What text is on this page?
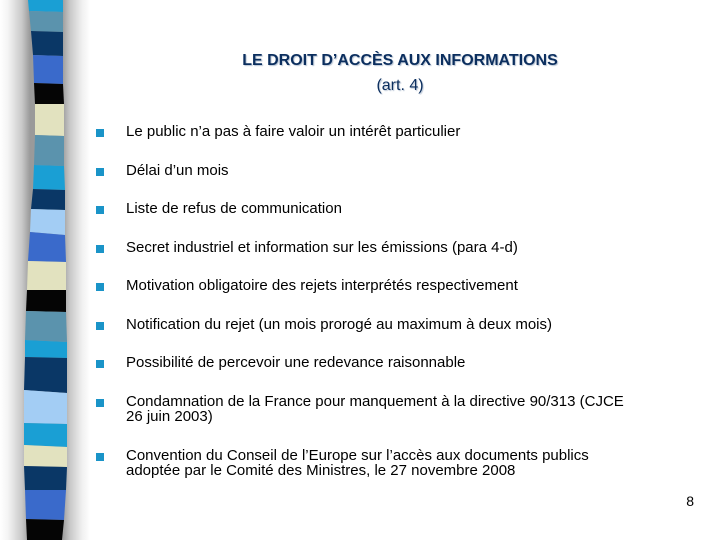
LE DROIT D’ACCÈS AUX INFORMATIONS
(art. 4)
Le public n’a pas à faire valoir un intérêt particulier
Délai d’un mois
Liste de refus de communication
Secret industriel et information sur les émissions (para 4-d)
Motivation obligatoire des rejets interprétés respectivement
Notification du rejet (un mois prorogé au maximum à deux mois)
Possibilité de percevoir une redevance raisonnable
Condamnation de la France pour manquement à la directive 90/313 (CJCE
26 juin 2003)
Convention du Conseil de l’Europe sur l’accès aux documents publics
adoptée par le Comité des Ministres, le 27 novembre 2008
8
